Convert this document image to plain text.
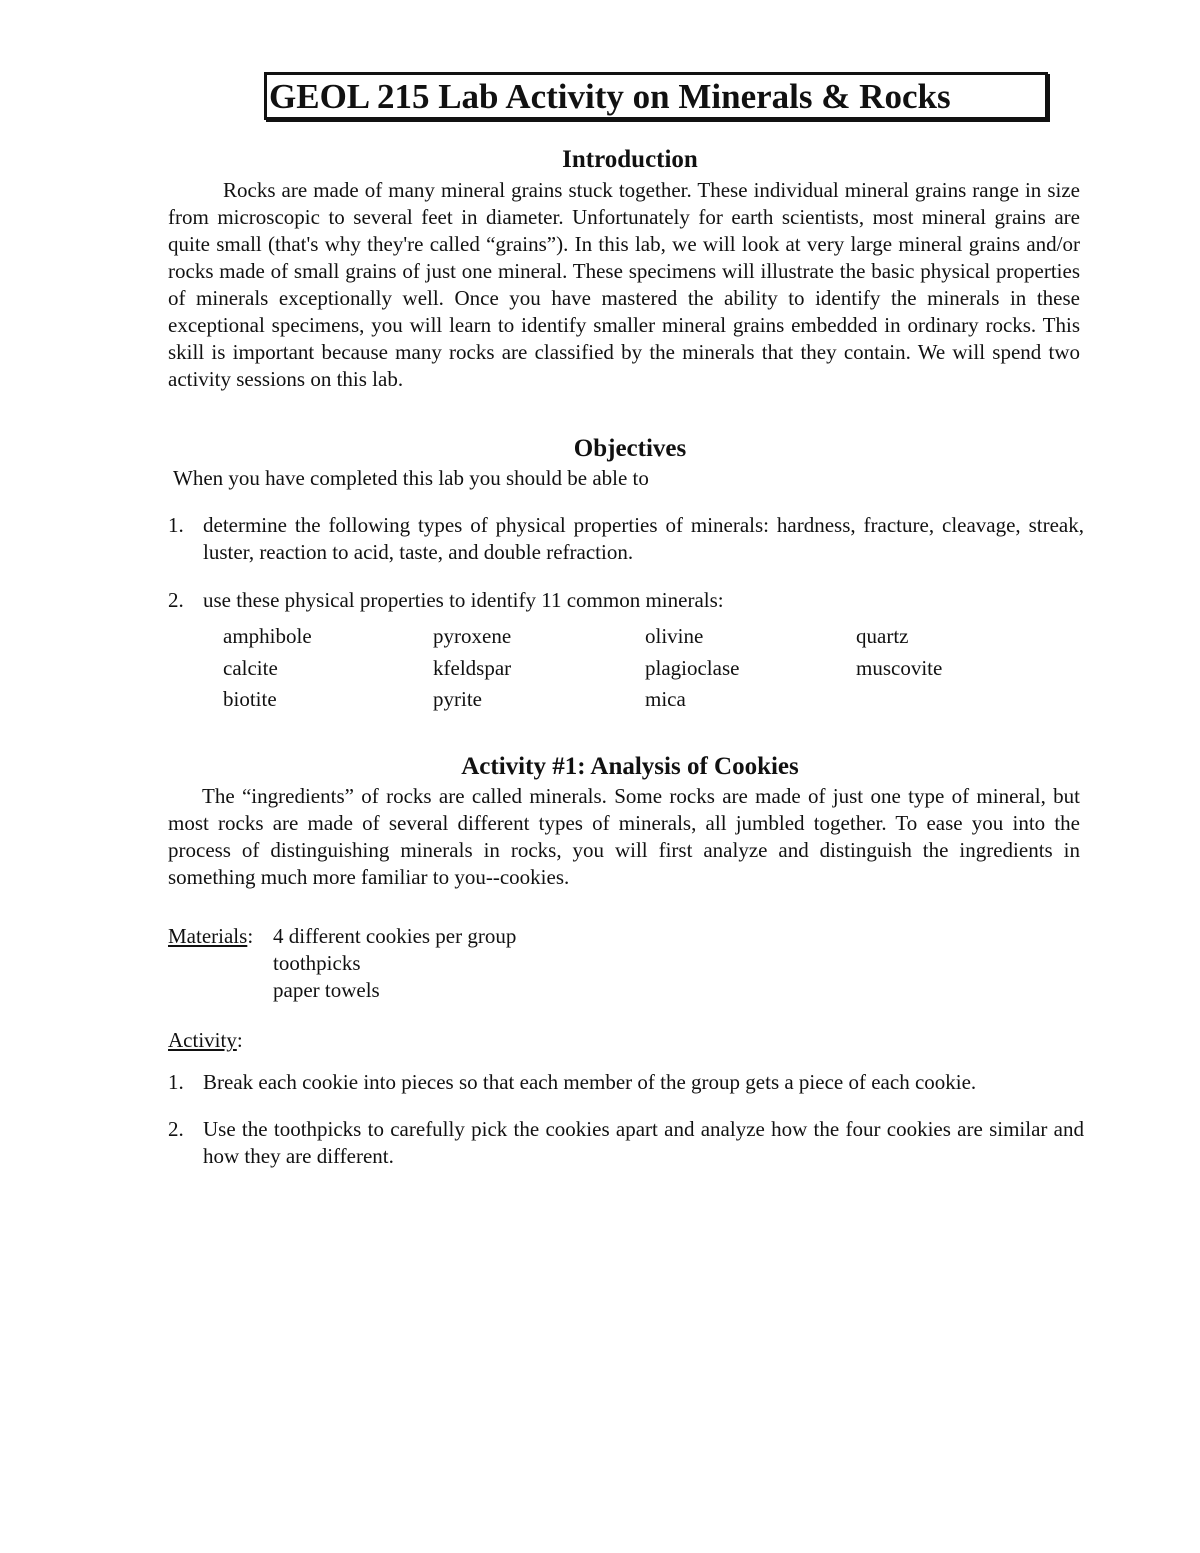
GEOL 215 Lab Activity on Minerals & Rocks
Introduction
Rocks are made of many mineral grains stuck together. These individual mineral grains range in size from microscopic to several feet in diameter. Unfortunately for earth scientists, most mineral grains are quite small (that's why they're called “grains”). In this lab, we will look at very large mineral grains and/or rocks made of small grains of just one mineral. These specimens will illustrate the basic physical properties of minerals exceptionally well. Once you have mastered the ability to identify the minerals in these exceptional specimens, you will learn to identify smaller mineral grains embedded in ordinary rocks. This skill is important because many rocks are classified by the minerals that they contain. We will spend two activity sessions on this lab.
Objectives
When you have completed this lab you should be able to
1. determine the following types of physical properties of minerals: hardness, fracture, cleavage, streak, luster, reaction to acid, taste, and double refraction.
2. use these physical properties to identify 11 common minerals:
amphibole	pyroxene	olivine	quartz
calcite	kfeldspar	plagioclase	muscovite
biotite	pyrite	mica
Activity #1: Analysis of Cookies
The “ingredients” of rocks are called minerals. Some rocks are made of just one type of mineral, but most rocks are made of several different types of minerals, all jumbled together. To ease you into the process of distinguishing minerals in rocks, you will first analyze and distinguish the ingredients in something much more familiar to you--cookies.
Materials: 4 different cookies per group
toothpicks
paper towels
Activity:
1. Break each cookie into pieces so that each member of the group gets a piece of each cookie.
2. Use the toothpicks to carefully pick the cookies apart and analyze how the four cookies are similar and how they are different.
